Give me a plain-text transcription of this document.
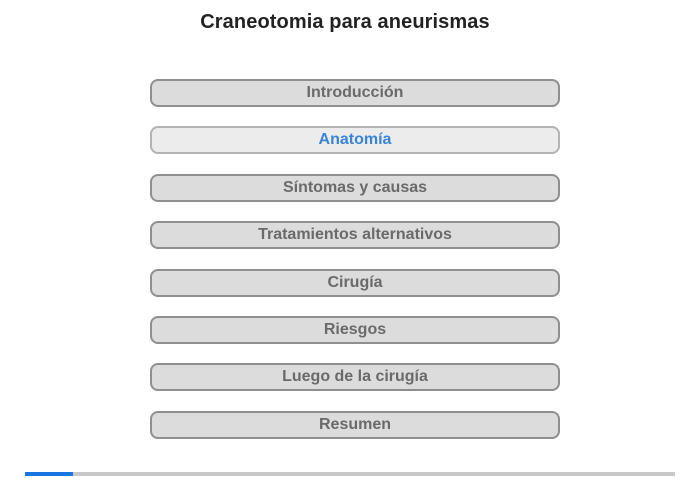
Craneotomia para aneurismas
Introducción
Anatomía
Síntomas y causas
Tratamientos alternativos
Cirugía
Riesgos
Luego de la cirugía
Resumen
